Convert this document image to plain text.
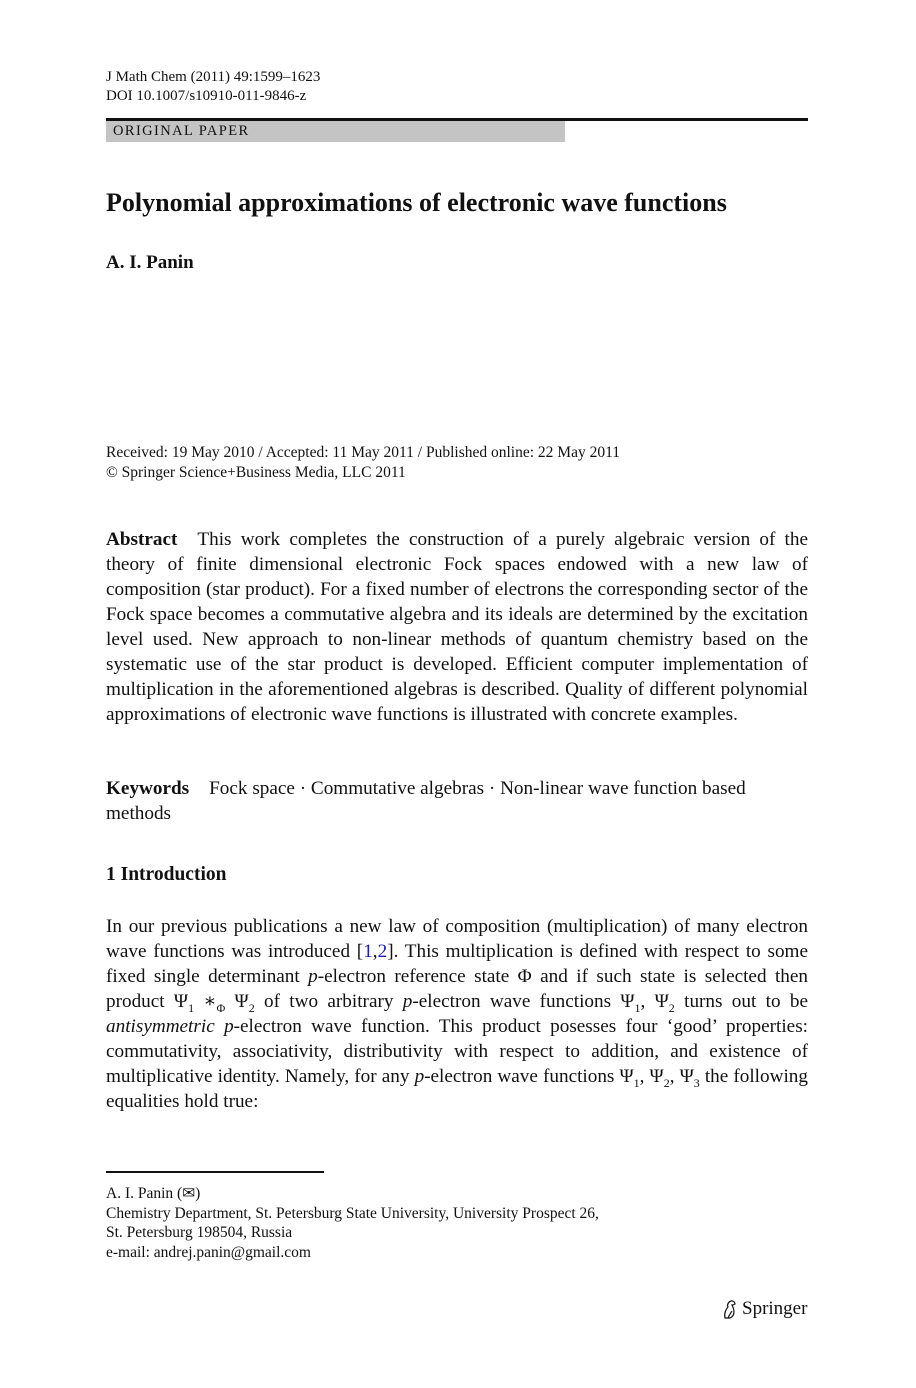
J Math Chem (2011) 49:1599–1623
DOI 10.1007/s10910-011-9846-z
ORIGINAL PAPER
Polynomial approximations of electronic wave functions
A. I. Panin
Received: 19 May 2010 / Accepted: 11 May 2011 / Published online: 22 May 2011
© Springer Science+Business Media, LLC 2011
Abstract This work completes the construction of a purely algebraic version of the theory of finite dimensional electronic Fock spaces endowed with a new law of composition (star product). For a fixed number of electrons the corresponding sector of the Fock space becomes a commutative algebra and its ideals are determined by the excitation level used. New approach to non-linear methods of quantum chemistry based on the systematic use of the star product is developed. Efficient computer implementation of multiplication in the aforementioned algebras is described. Quality of different polynomial approximations of electronic wave functions is illustrated with concrete examples.
Keywords Fock space · Commutative algebras · Non-linear wave function based methods
1 Introduction
In our previous publications a new law of composition (multiplication) of many electron wave functions was introduced [1,2]. This multiplication is defined with respect to some fixed single determinant p-electron reference state Φ and if such state is selected then product $\Psi_1$ $∗_\Phi$ $\Psi_2$ of two arbitrary p-electron wave functions $\Psi_1$, $\Psi_2$ turns out to be antisymmetric p-electron wave function. This product posesses four ‘good’ properties: commutativity, associativity, distributivity with respect to addition, and existence of multiplicative identity. Namely, for any p-electron wave functions $\Psi_1$, $\Psi_2$, $\Psi_3$ the following equalities hold true:
A. I. Panin (✉)
Chemistry Department, St. Petersburg State University, University Prospect 26,
St. Petersburg 198504, Russia
e-mail: andrej.panin@gmail.com
Springer
